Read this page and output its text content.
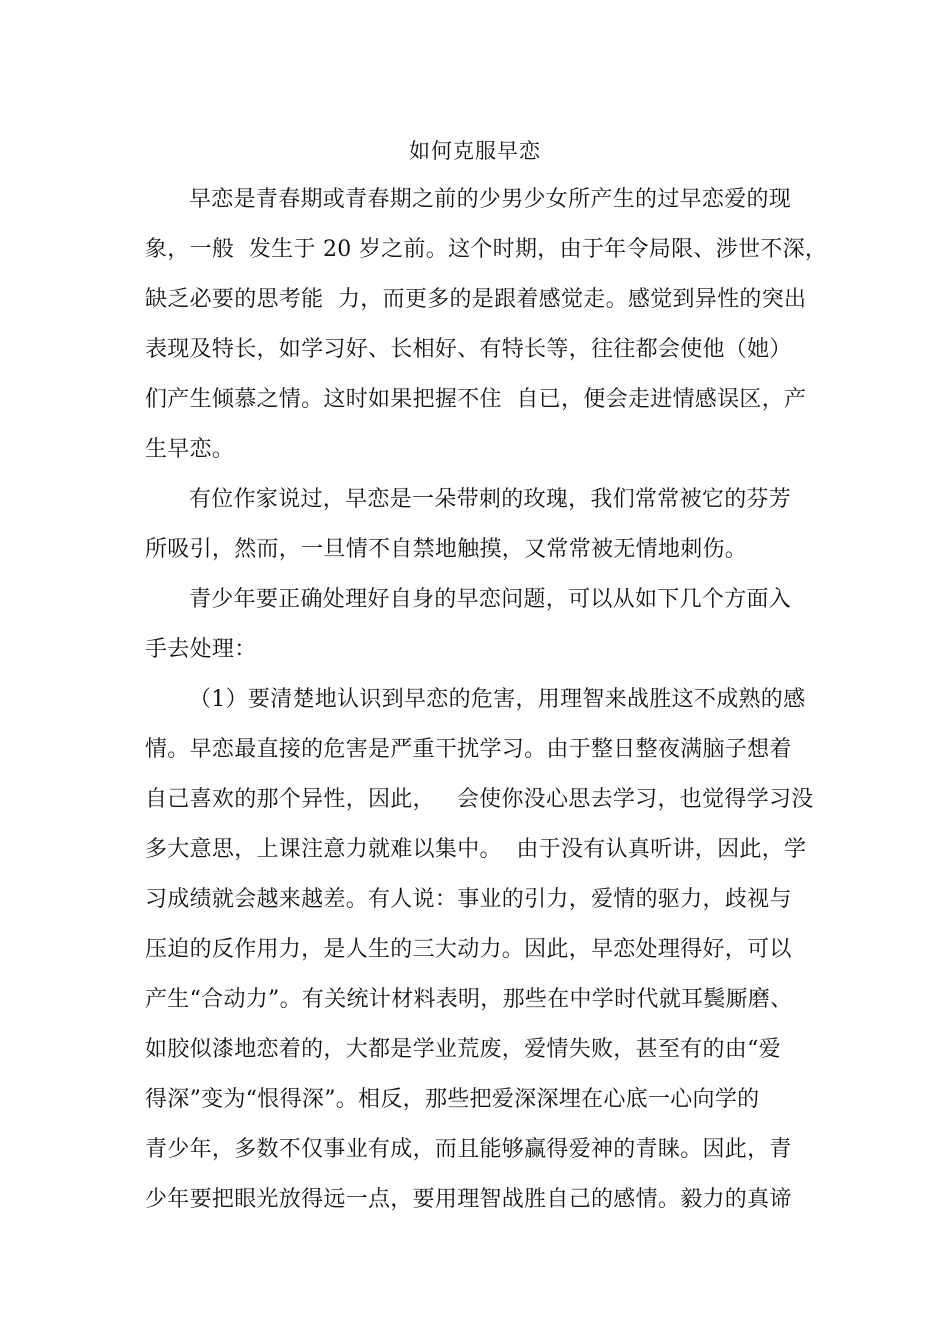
如何克服早恋
早恋是青春期或青春期之前的少男少女所产生的过早恋爱的现
象，一般  发生于 20 岁之前。这个时期，由于年令局限、涉世不深，
缺乏必要的思考能  力，而更多的是跟着感觉走。感觉到异性的突出
表现及特长，如学习好、长相好、有特长等，往往都会使他（她）
们产生倾慕之情。这时如果把握不住  自已，便会走进情感误区，产
生早恋。
有位作家说过，早恋是一朵带刺的玫瑰，我们常常被它的芬芳
所吸引，然而，一旦情不自禁地触摸，又常常被无情地刺伤。
青少年要正确处理好自身的早恋问题，可以从如下几个方面入
手去处理：
（1）要清楚地认识到早恋的危害，用理智来战胜这不成熟的感
情。早恋最直接的危害是严重干扰学习。由于整日整夜满脑子想着
自己喜欢的那个异性，因此，   会使你没心思去学习，也觉得学习没
多大意思，上课注意力就难以集中。  由于没有认真听讲，因此，学
习成绩就会越来越差。有人说：事业的引力，爱情的驱力，歧视与
压迫的反作用力，是人生的三大动力。因此，早恋处理得好，可以
产生“合动力”。有关统计材料表明，那些在中学时代就耳鬓厮磨、
如胶似漆地恋着的，大都是学业荒废，爱情失败，甚至有的由“爱
得深”变为“恨得深”。相反，那些把爱深深埋在心底一心向学的
青少年，多数不仅事业有成，而且能够赢得爱神的青睐。因此，青
少年要把眼光放得远一点，要用理智战胜自己的感情。毅力的真谛
